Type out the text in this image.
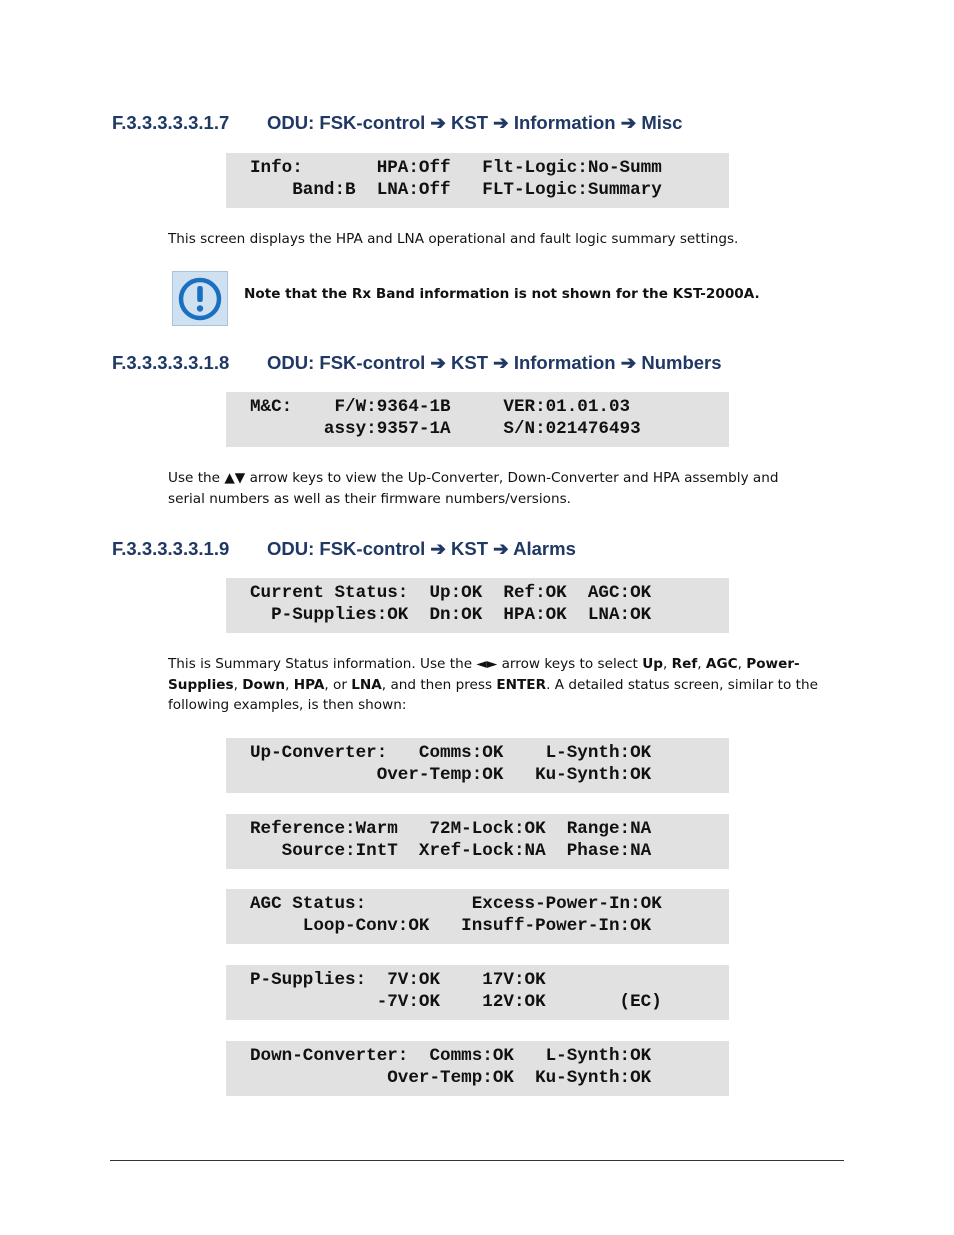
F.3.3.3.3.3.1.7 ODU: FSK-control ➔ KST ➔ Information ➔ Misc
Info:       HPA:Off   Flt-Logic:No-Summ
Band:B  LNA:Off   FLT-Logic:Summary
This screen displays the HPA and LNA operational and fault logic summary settings.
Note that the Rx Band information is not shown for the KST-2000A.
F.3.3.3.3.3.1.8 ODU: FSK-control ➔ KST ➔ Information ➔ Numbers
M&C:    F/W:9364-1B     VER:01.01.03
assy:9357-1A     S/N:021476493
Use the ▲▼ arrow keys to view the Up-Converter, Down-Converter and HPA assembly and serial numbers as well as their firmware numbers/versions.
F.3.3.3.3.3.1.9 ODU: FSK-control ➔ KST ➔ Alarms
Current Status:  Up:OK  Ref:OK  AGC:OK
P-Supplies:OK  Dn:OK  HPA:OK  LNA:OK
This is Summary Status information. Use the ◄► arrow keys to select Up, Ref, AGC, Power-Supplies, Down, HPA, or LNA, and then press ENTER. A detailed status screen, similar to the following examples, is then shown:
Up-Converter:   Comms:OK    L-Synth:OK
Over-Temp:OK   Ku-Synth:OK
Reference:Warm   72M-Lock:OK  Range:NA
Source:IntT  Xref-Lock:NA  Phase:NA
AGC Status:          Excess-Power-In:OK
Loop-Conv:OK   Insuff-Power-In:OK
P-Supplies:  7V:OK    17V:OK
-7V:OK    12V:OK       (EC)
Down-Converter:  Comms:OK   L-Synth:OK
Over-Temp:OK  Ku-Synth:OK
